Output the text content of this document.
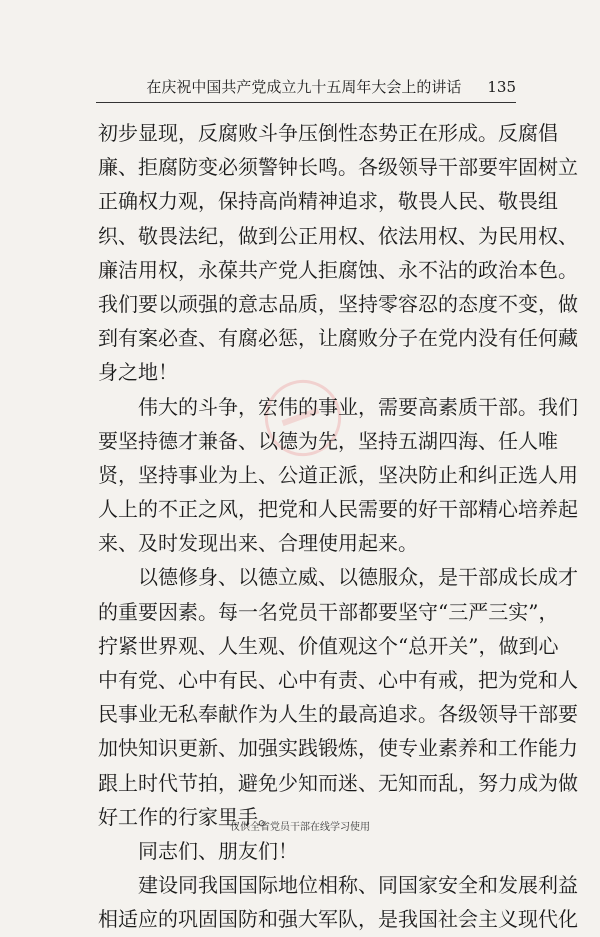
在庆祝中国共产党成立九十五周年大会上的讲话 135
初步显现，反腐败斗争压倒性态势正在形成。反腐倡
廉、拒腐防变必须警钟长鸣。各级领导干部要牢固树立
正确权力观，保持高尚精神追求，敬畏人民、敬畏组
织、敬畏法纪，做到公正用权、依法用权、为民用权、
廉洁用权，永葆共产党人拒腐蚀、永不沾的政治本色。
我们要以顽强的意志品质，坚持零容忍的态度不变，做
到有案必查、有腐必惩，让腐败分子在党内没有任何藏
身之地！
　　伟大的斗争，宏伟的事业，需要高素质干部。我们
要坚持德才兼备、以德为先，坚持五湖四海、任人唯
贤，坚持事业为上、公道正派，坚决防止和纠正选人用
人上的不正之风，把党和人民需要的好干部精心培养起
来、及时发现出来、合理使用起来。
　　以德修身、以德立威、以德服众，是干部成长成才
的重要因素。每一名党员干部都要坚守“三严三实”，
拧紧世界观、人生观、价值观这个“总开关”，做到心
中有党、心中有民、心中有责、心中有戒，把为党和人
民事业无私奉献作为人生的最高追求。各级领导干部要
加快知识更新、加强实践锻炼，使专业素养和工作能力
跟上时代节拍，避免少知而迷、无知而乱，努力成为做
好工作的行家里手。
　　同志们、朋友们！
　　建设同我国国际地位相称、同国家安全和发展利益
相适应的巩固国防和强大军队，是我国社会主义现代化
仅供全省党员干部在线学习使用
